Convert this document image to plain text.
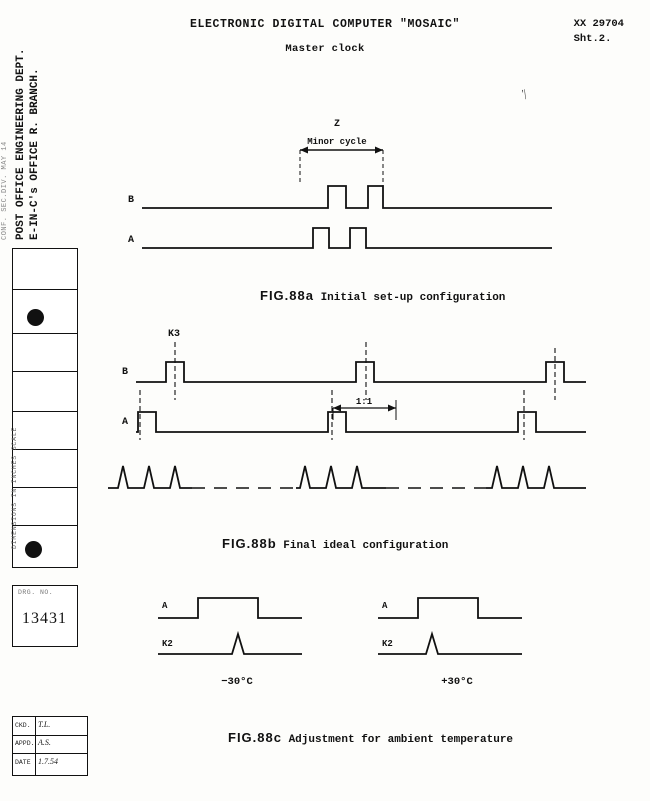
ELECTRONIC DIGITAL COMPUTER "MOSAIC"
Master clock
XX 29704
Sht.2.
'|
CONF. SEC.DIV. MAY 14 POST OFFICE ENGINEERING DEPT. E-IN-C's OFFICE R. BRANCH.
DIMENSIONS IN INCHES SCALE
DRG. NO.
13431
CKD. T.L.
APPD. A.S.
DATE 1.7.54
Z
Minor cycle
B
A
FIG.88a Initial set-up configuration
K3
B
1:1
A
FIG.88b Final ideal configuration
A
K2
A
K2
−30°C	+30°C
FIG.88c Adjustment for ambient temperature
